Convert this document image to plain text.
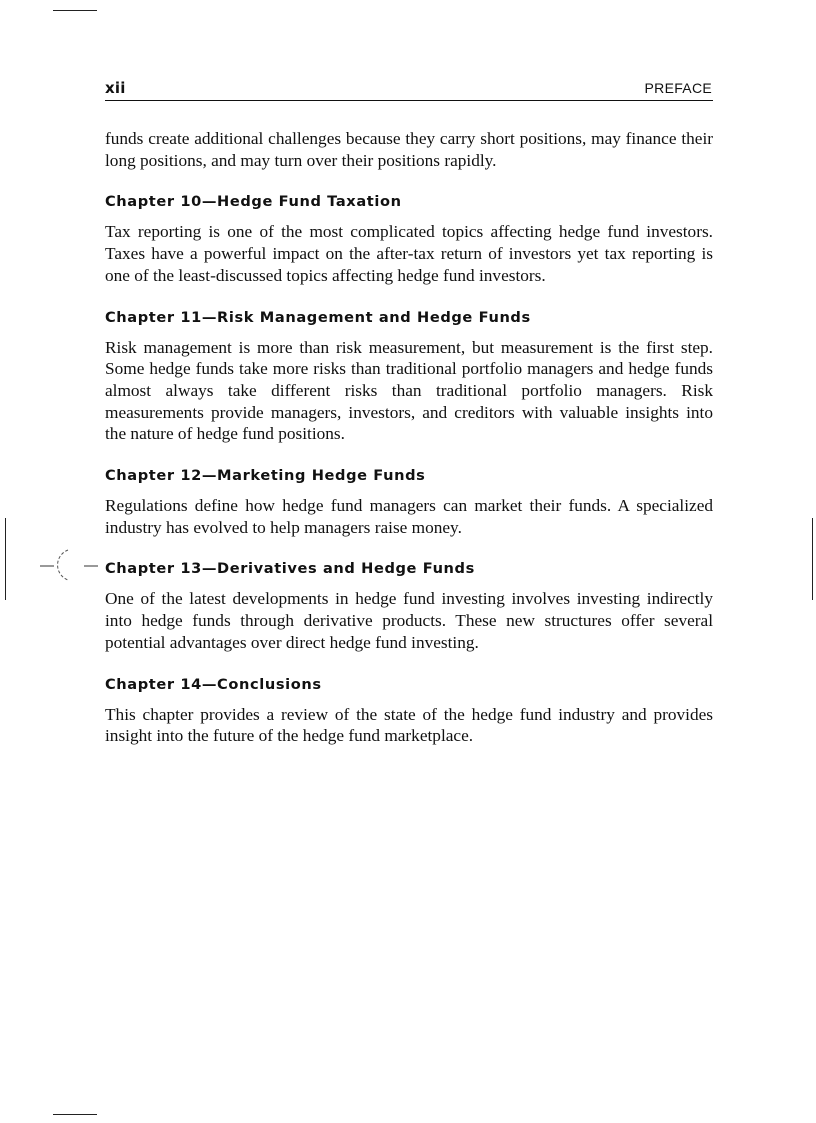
xii	PREFACE

funds create additional challenges because they carry short positions, may finance their long positions, and may turn over their positions rapidly.

Chapter 10—Hedge Fund Taxation

Tax reporting is one of the most complicated topics affecting hedge fund investors. Taxes have a powerful impact on the after-tax return of investors yet tax reporting is one of the least-discussed topics affecting hedge fund investors.

Chapter 11—Risk Management and Hedge Funds

Risk management is more than risk measurement, but measurement is the first step. Some hedge funds take more risks than traditional portfolio managers and hedge funds almost always take different risks than traditional portfolio managers. Risk measurements provide managers, investors, and creditors with valuable insights into the nature of hedge fund positions.

Chapter 12—Marketing Hedge Funds

Regulations define how hedge fund managers can market their funds. A specialized industry has evolved to help managers raise money.

Chapter 13—Derivatives and Hedge Funds

One of the latest developments in hedge fund investing involves investing indirectly into hedge funds through derivative products. These new structures offer several potential advantages over direct hedge fund investing.

Chapter 14—Conclusions

This chapter provides a review of the state of the hedge fund industry and provides insight into the future of the hedge fund marketplace.
